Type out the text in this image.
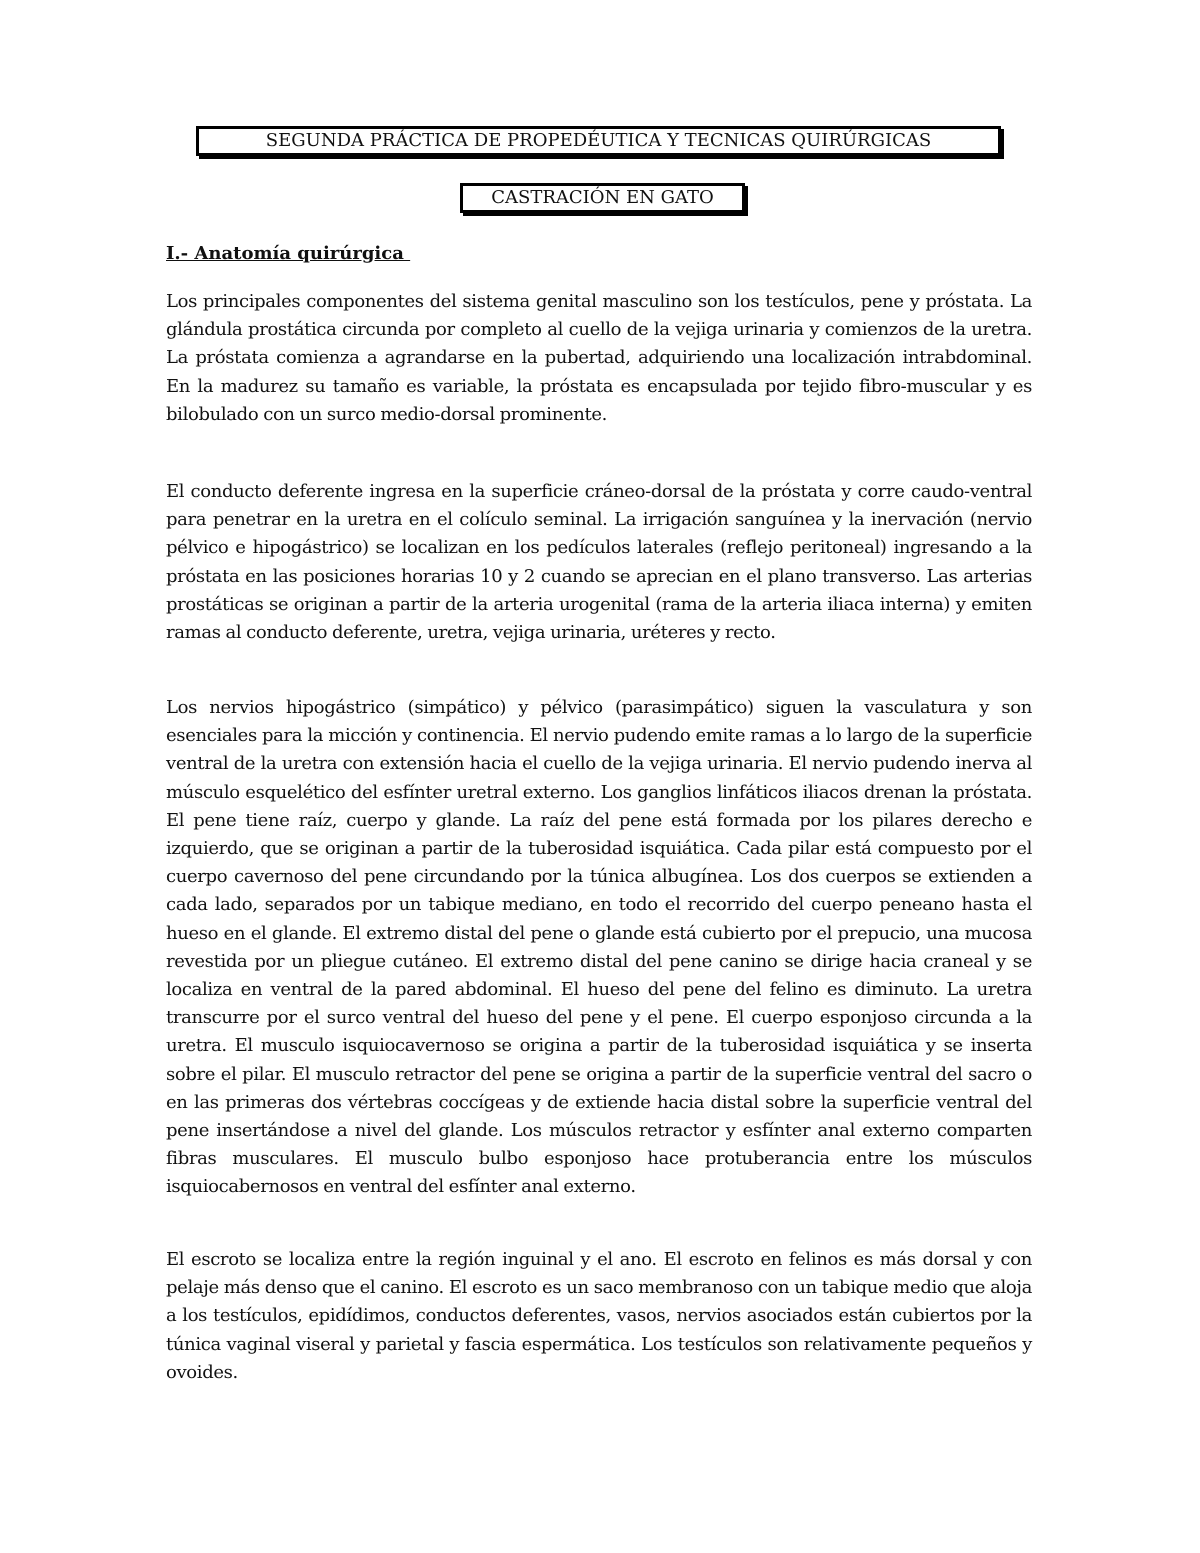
SEGUNDA PRÁCTICA DE PROPEDÉUTICA Y TECNICAS QUIRÚRGICAS
CASTRACIÓN EN GATO
I.- Anatomía quirúrgica

Los principales componentes del sistema genital masculino son los testículos, pene y próstata. La glándula prostática circunda por completo al cuello de la vejiga urinaria y comienzos de la uretra. La próstata comienza a agrandarse en la pubertad, adquiriendo una localización intrabdominal. En la madurez su tamaño es variable, la próstata es encapsulada por tejido fibro-muscular y es bilobulado con un surco medio-dorsal prominente.

El conducto deferente ingresa en la superficie cráneo-dorsal de la próstata y corre caudo-ventral para penetrar en la uretra en el colículo seminal. La irrigación sanguínea y la inervación (nervio pélvico e hipogástrico) se localizan en los pedículos laterales (reflejo peritoneal) ingresando a la próstata en las posiciones horarias 10 y 2 cuando se aprecian en el plano transverso. Las arterias prostáticas se originan a partir de la arteria urogenital (rama de la arteria iliaca interna) y emiten ramas al conducto deferente, uretra, vejiga urinaria, uréteres y recto.

Los nervios hipogástrico (simpático) y pélvico (parasimpático) siguen la vasculatura y son esenciales para la micción y continencia. El nervio pudendo emite ramas a lo largo de la superficie ventral de la uretra con extensión hacia el cuello de la vejiga urinaria. El nervio pudendo inerva al músculo esquelético del esfínter uretral externo. Los ganglios linfáticos iliacos drenan la próstata. El pene tiene raíz, cuerpo y glande. La raíz del pene está formada por los pilares derecho e izquierdo, que se originan a partir de la tuberosidad isquiática. Cada pilar está compuesto por el cuerpo cavernoso del pene circundando por la túnica albugínea. Los dos cuerpos se extienden a cada lado, separados por un tabique mediano, en todo el recorrido del cuerpo peneano hasta el hueso en el glande. El extremo distal del pene o glande está cubierto por el prepucio, una mucosa revestida por un pliegue cutáneo. El extremo distal del pene canino se dirige hacia craneal y se localiza en ventral de la pared abdominal. El hueso del pene del felino es diminuto. La uretra transcurre por el surco ventral del hueso del pene y el pene. El cuerpo esponjoso circunda a la uretra. El musculo isquiocavernoso se origina a partir de la tuberosidad isquiática y se inserta sobre el pilar. El musculo retractor del pene se origina a partir de la superficie ventral del sacro o en las primeras dos vértebras coccígeas y de extiende hacia distal sobre la superficie ventral del pene insertándose a nivel del glande. Los músculos retractor y esfínter anal externo comparten fibras musculares. El musculo bulbo esponjoso hace protuberancia entre los músculos isquiocabernosos en ventral del esfínter anal externo.

El escroto se localiza entre la región inguinal y el ano. El escroto en felinos es más dorsal y con pelaje más denso que el canino. El escroto es un saco membranoso con un tabique medio que aloja a los testículos, epidídimos, conductos deferentes, vasos, nervios asociados están cubiertos por la túnica vaginal viseral y parietal y fascia espermática. Los testículos son relativamente pequeños y ovoides.
